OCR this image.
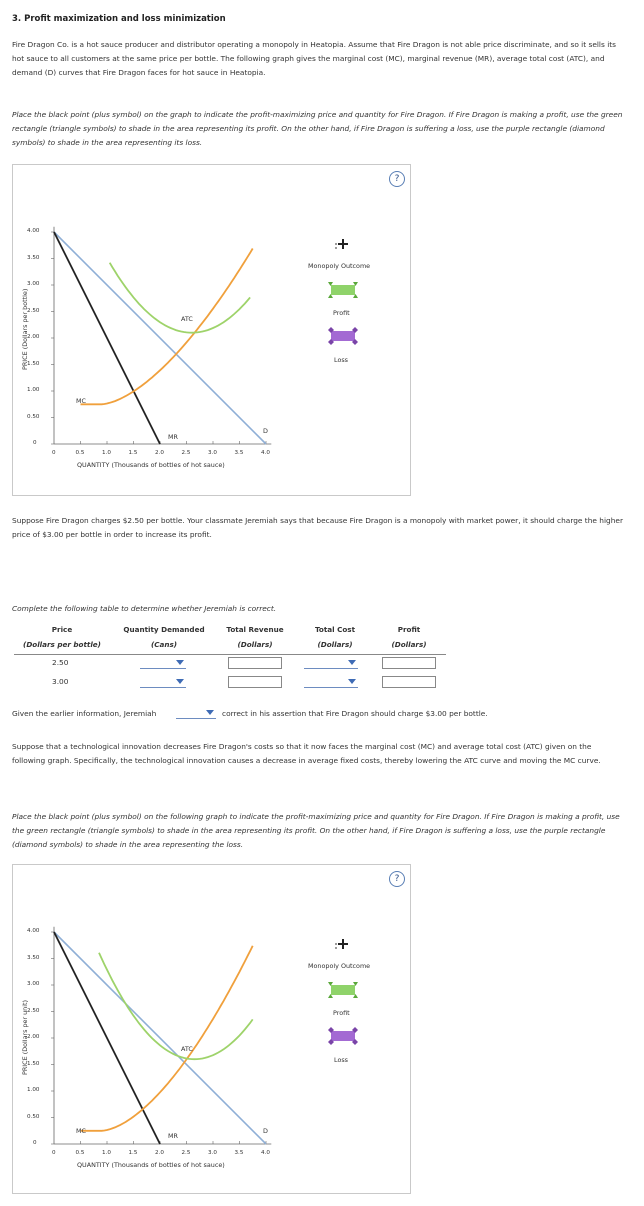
3. Profit maximization and loss minimization
Fire Dragon Co. is a hot sauce producer and distributor operating a monopoly in Heatopia. Assume that Fire Dragon is not able price discriminate, and so it sells its hot sauce to all customers at the same price per bottle. The following graph gives the marginal cost (MC), marginal revenue (MR), average total cost (ATC), and demand (D) curves that Fire Dragon faces for hot sauce in Heatopia.
Place the black point (plus symbol) on the graph to indicate the profit-maximizing price and quantity for Fire Dragon. If Fire Dragon is making a profit, use the green rectangle (triangle symbols) to shade in the area representing its profit. On the other hand, if Fire Dragon is suffering a loss, use the purple rectangle (diamond symbols) to shade in the area representing its loss.
?
PRICE (Dollars per bottle)
4.00
3.50
3.00
2.50
2.00
1.50
1.00
0.50
0
0	0.5	1.0	1.5	2.0	2.5	3.0	3.5	4.0
QUANTITY (Thousands of bottles of hot sauce)
ATC
MC
MR
D
Monopoly Outcome
Profit
Loss
Suppose Fire Dragon charges $2.50 per bottle. Your classmate Jeremiah says that because Fire Dragon is a monopoly with market power, it should charge the higher price of $3.00 per bottle in order to increase its profit.
Complete the following table to determine whether Jeremiah is correct.
Price	Quantity Demanded	Total Revenue	Total Cost	Profit
(Dollars per bottle)	(Cans)	(Dollars)	(Dollars)	(Dollars)
2.50
3.00
Given the earlier information, Jeremiah	correct in his assertion that Fire Dragon should charge $3.00 per bottle.
Suppose that a technological innovation decreases Fire Dragon's costs so that it now faces the marginal cost (MC) and average total cost (ATC) given on the following graph. Specifically, the technological innovation causes a decrease in average fixed costs, thereby lowering the ATC curve and moving the MC curve.
Place the black point (plus symbol) on the following graph to indicate the profit-maximizing price and quantity for Fire Dragon. If Fire Dragon is making a profit, use the green rectangle (triangle symbols) to shade in the area representing its profit. On the other hand, if Fire Dragon is suffering a loss, use the purple rectangle (diamond symbols) to shade in the area representing the loss.
?
PRICE (Dollars per unit)
4.00
3.50
3.00
2.50
2.00
1.50
1.00
0.50
0
0	0.5	1.0	1.5	2.0	2.5	3.0	3.5	4.0
QUANTITY (Thousands of bottles of hot sauce)
ATC
MC
MR
D
Monopoly Outcome
Profit
Loss
